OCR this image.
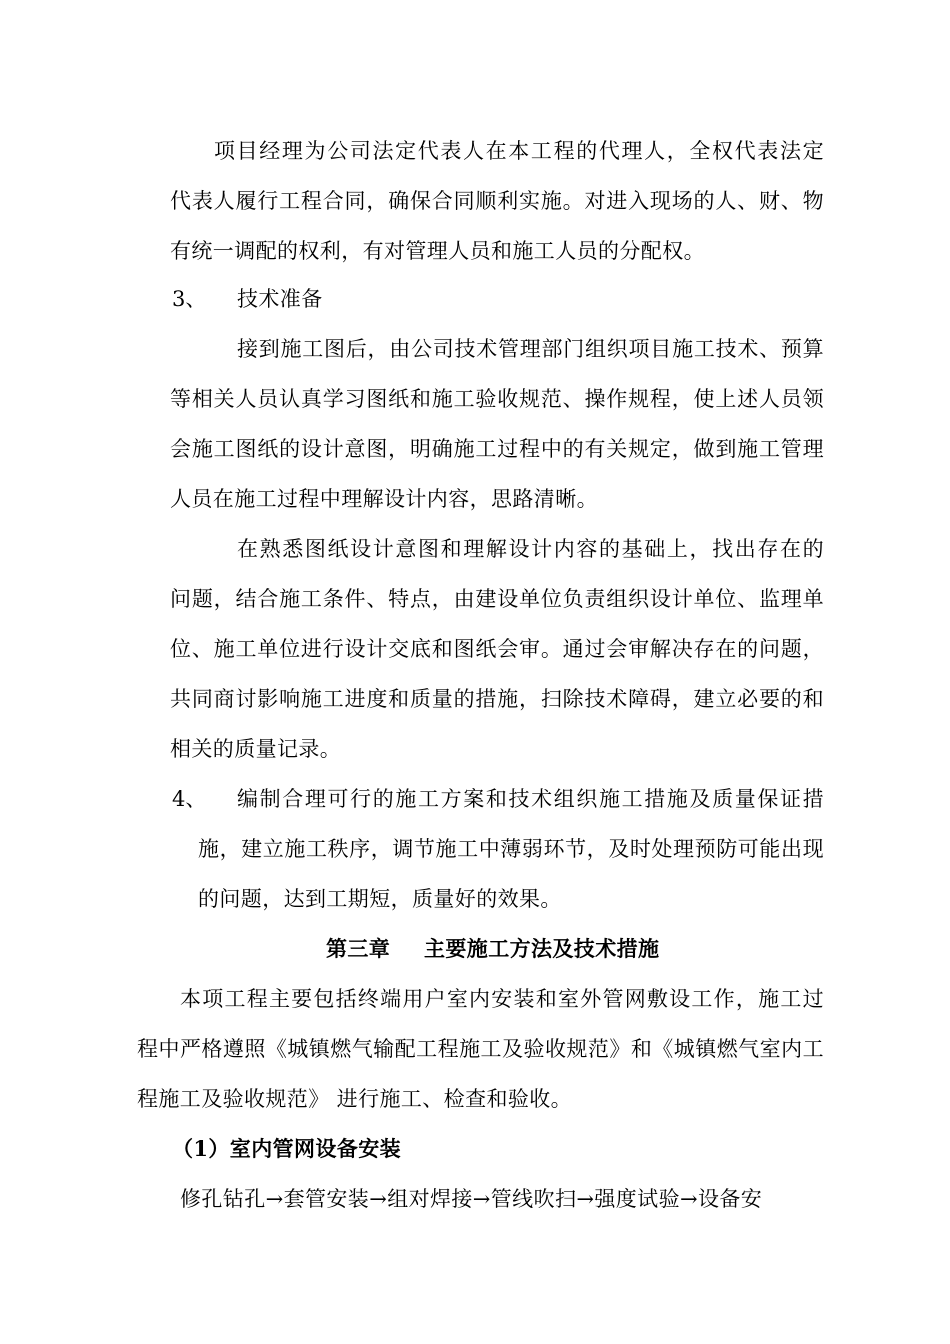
项目经理为公司法定代表人在本工程的代理人，全权代表法定
代表人履行工程合同，确保合同顺利实施。对进入现场的人、财、物
有统一调配的权利，有对管理人员和施工人员的分配权。
3、 技术准备
接到施工图后，由公司技术管理部门组织项目施工技术、预算
等相关人员认真学习图纸和施工验收规范、操作规程，使上述人员领
会施工图纸的设计意图，明确施工过程中的有关规定，做到施工管理
人员在施工过程中理解设计内容，思路清晰。
在熟悉图纸设计意图和理解设计内容的基础上，找出存在的
问题，结合施工条件、特点，由建设单位负责组织设计单位、监理单
位、施工单位进行设计交底和图纸会审。通过会审解决存在的问题，
共同商讨影响施工进度和质量的措施，扫除技术障碍，建立必要的和
相关的质量记录。
4、 编制合理可行的施工方案和技术组织施工措施及质量保证措
施，建立施工秩序，调节施工中薄弱环节，及时处理预防可能出现
的问题，达到工期短，质量好的效果。
第三章 主要施工方法及技术措施
本项工程主要包括终端用户室内安装和室外管网敷设工作，施工过
程中严格遵照《城镇燃气输配工程施工及验收规范》和《城镇燃气室内工
程施工及验收规范》 进行施工、检查和验收。
（1）室内管网设备安装
修孔钻孔→套管安装→组对焊接→管线吹扫→强度试验→设备安
